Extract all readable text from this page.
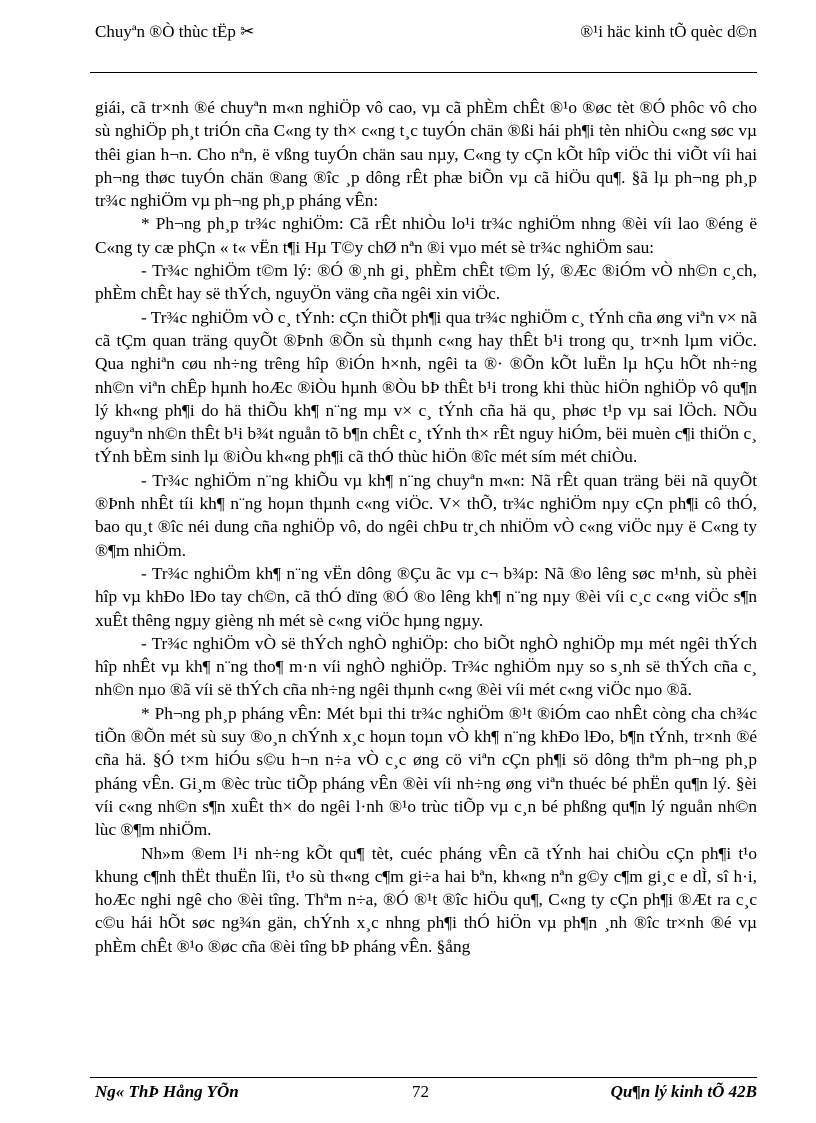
Chuyªn ®Ò thùc tËp ✂	®¹i häc kinh tÕ quèc d©n

giái, cã tr×nh ®é chuyªn m«n nghiÖp vô cao, vµ cã phÈm chÊt ®¹o ®øc tèt ®Ó phôc vô cho sù nghiÖp ph¸t triÓn cña C«ng ty th× c«ng t¸c tuyÓn chän ®ßi hái ph¶i tèn nhiÒu c«ng søc vµ thêi gian h¬n. Cho nªn, ë vßng tuyÓn chän sau nµy, C«ng ty cÇn kÕt hîp viÖc thi viÕt víi hai ph¬ng thøc tuyÓn chän ®ang ®îc ¸p dông rÊt phæ biÕn vµ cã hiÖu qu¶. §ã lµ ph¬ng ph¸p tr¾c nghiÖm vµ ph¬ng ph¸p pháng vÊn:

* Ph¬ng ph¸p tr¾c nghiÖm: Cã rÊt nhiÒu lo¹i tr¾c nghiÖm nhng ®èi víi lao ®éng ë C«ng ty cæ phÇn « t« vËn t¶i Hµ T©y chØ nªn ®i vµo mét sè tr¾c nghiÖm sau:

- Tr¾c nghiÖm t©m lý: ®Ó ®¸nh gi¸ phÈm chÊt t©m lý, ®Æc ®iÓm vÒ nh©n c¸ch, phÈm chÊt hay së thÝch, nguyÖn väng cña ngêi xin viÖc.

- Tr¾c nghiÖm vÒ c¸ tÝnh: cÇn thiÕt ph¶i qua tr¾c nghiÖm c¸ tÝnh cña øng viªn v× nã cã tÇm quan träng quyÕt ®Þnh ®Õn sù thµnh c«ng hay thÊt b¹i trong qu¸ tr×nh lµm viÖc. Qua nghiªn cøu nh÷ng trêng hîp ®iÓn h×nh, ngêi ta ®· ®Õn kÕt luËn lµ hÇu hÕt nh÷ng nh©n viªn chÊp hµnh hoÆc ®iÒu hµnh ®Òu bÞ thÊt b¹i trong khi thùc hiÖn nghiÖp vô qu¶n lý kh«ng ph¶i do hä thiÕu kh¶ n¨ng mµ v× c¸ tÝnh cña hä qu¸ phøc t¹p vµ sai lÖch. NÕu nguyªn nh©n thÊt b¹i b¾t nguån tõ b¶n chÊt c¸ tÝnh th× rÊt nguy hiÓm, bëi muèn c¶i thiÖn c¸ tÝnh bÈm sinh lµ ®iÒu kh«ng ph¶i cã thÓ thùc hiÖn ®îc mét sím mét chiÒu.

- Tr¾c nghiÖm n¨ng khiÕu vµ kh¶ n¨ng chuyªn m«n: Nã rÊt quan träng bëi nã quyÕt ®Þnh nhÊt tíi kh¶ n¨ng hoµn thµnh c«ng viÖc. V× thÕ, tr¾c nghiÖm nµy cÇn ph¶i cô thÓ, bao qu¸t ®îc néi dung cña nghiÖp vô, do ngêi chÞu tr¸ch nhiÖm vÒ c«ng viÖc nµy ë C«ng ty ®¶m nhiÖm.

- Tr¾c nghiÖm kh¶ n¨ng vËn dông ®Çu ãc vµ c¬ b¾p: Nã ®o lêng søc m¹nh, sù phèi hîp vµ khÐo lÐo tay ch©n, cã thÓ dïng ®Ó ®o lêng kh¶ n¨ng nµy ®èi víi c¸c c«ng viÖc s¶n xuÊt thêng ngµy gièng nh mét sè c«ng viÖc hµng ngµy.

- Tr¾c nghiÖm vÒ së thÝch nghÒ nghiÖp: cho biÕt nghÒ nghiÖp mµ mét ngêi thÝch hîp nhÊt vµ kh¶ n¨ng tho¶ m·n víi nghÒ nghiÖp. Tr¾c nghiÖm nµy so s¸nh së thÝch cña c¸ nh©n nµo ®ã víi së thÝch cña nh÷ng ngêi thµnh c«ng ®èi víi mét c«ng viÖc nµo ®ã.

* Ph¬ng ph¸p pháng vÊn: Mét bµi thi tr¾c nghiÖm ®¹t ®iÓm cao nhÊt còng cha ch¾c tiÕn ®Õn mét sù suy ®o¸n chÝnh x¸c hoµn toµn vÒ kh¶ n¨ng khÐo lÐo, b¶n tÝnh, tr×nh ®é cña hä. §Ó t×m hiÓu s©u h¬n n÷a vÒ c¸c øng cö viªn cÇn ph¶i sö dông thªm ph¬ng ph¸p pháng vÊn. Gi¸m ®èc trùc tiÕp pháng vÊn ®èi víi nh÷ng øng viªn thuéc bé phËn qu¶n lý. §èi víi c«ng nh©n s¶n xuÊt th× do ngêi l·nh ®¹o trùc tiÕp vµ c¸n bé phßng qu¶n lý nguån nh©n lùc ®¶m nhiÖm.

Nh»m ®em l¹i nh÷ng kÕt qu¶ tèt, cuéc pháng vÊn cã tÝnh hai chiÒu cÇn ph¶i t¹o khung c¶nh thËt thuËn lîi, t¹o sù th«ng c¶m gi÷a hai bªn, kh«ng nªn g©y c¶m gi¸c e dÌ, sî h·i, hoÆc nghi ngê cho ®èi tîng. Thªm n÷a, ®Ó ®¹t ®îc hiÖu qu¶, C«ng ty cÇn ph¶i ®Æt ra c¸c c©u hái hÕt søc ng¾n gän, chÝnh x¸c nhng ph¶i thÓ hiÖn vµ ph¶n ¸nh ®îc tr×nh ®é vµ phÈm chÊt ®¹o ®øc cña ®èi tîng bÞ pháng vÊn. §ång

Ng« ThÞ Hång YÕn	72	Qu¶n lý kinh tÕ 42B
